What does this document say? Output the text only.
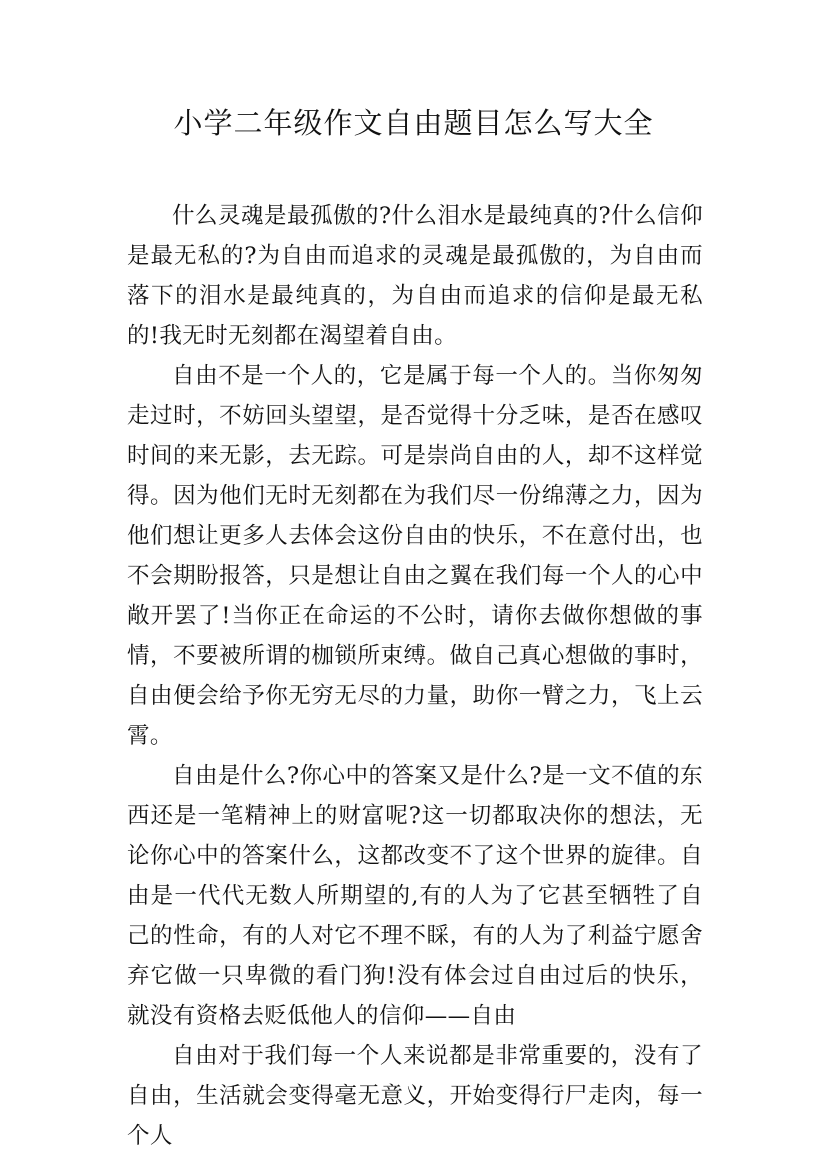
小学二年级作文自由题目怎么写大全

什么灵魂是最孤傲的?什么泪水是最纯真的?什么信仰是最无私的?为自由而追求的灵魂是最孤傲的，为自由而落下的泪水是最纯真的，为自由而追求的信仰是最无私的!我无时无刻都在渴望着自由。

自由不是一个人的，它是属于每一个人的。当你匆匆走过时，不妨回头望望，是否觉得十分乏味，是否在感叹时间的来无影，去无踪。可是崇尚自由的人，却不这样觉得。因为他们无时无刻都在为我们尽一份绵薄之力，因为他们想让更多人去体会这份自由的快乐，不在意付出，也不会期盼报答，只是想让自由之翼在我们每一个人的心中敞开罢了!当你正在命运的不公时，请你去做你想做的事情，不要被所谓的枷锁所束缚。做自己真心想做的事时，自由便会给予你无穷无尽的力量，助你一臂之力，飞上云霄。

自由是什么?你心中的答案又是什么?是一文不值的东西还是一笔精神上的财富呢?这一切都取决你的想法，无论你心中的答案什么，这都改变不了这个世界的旋律。自由是一代代无数人所期望的,有的人为了它甚至牺牲了自己的性命，有的人对它不理不睬，有的人为了利益宁愿舍弃它做一只卑微的看门狗!没有体会过自由过后的快乐，就没有资格去贬低他人的信仰——自由

自由对于我们每一个人来说都是非常重要的，没有了自由，生活就会变得毫无意义，开始变得行尸走肉，每一个人
